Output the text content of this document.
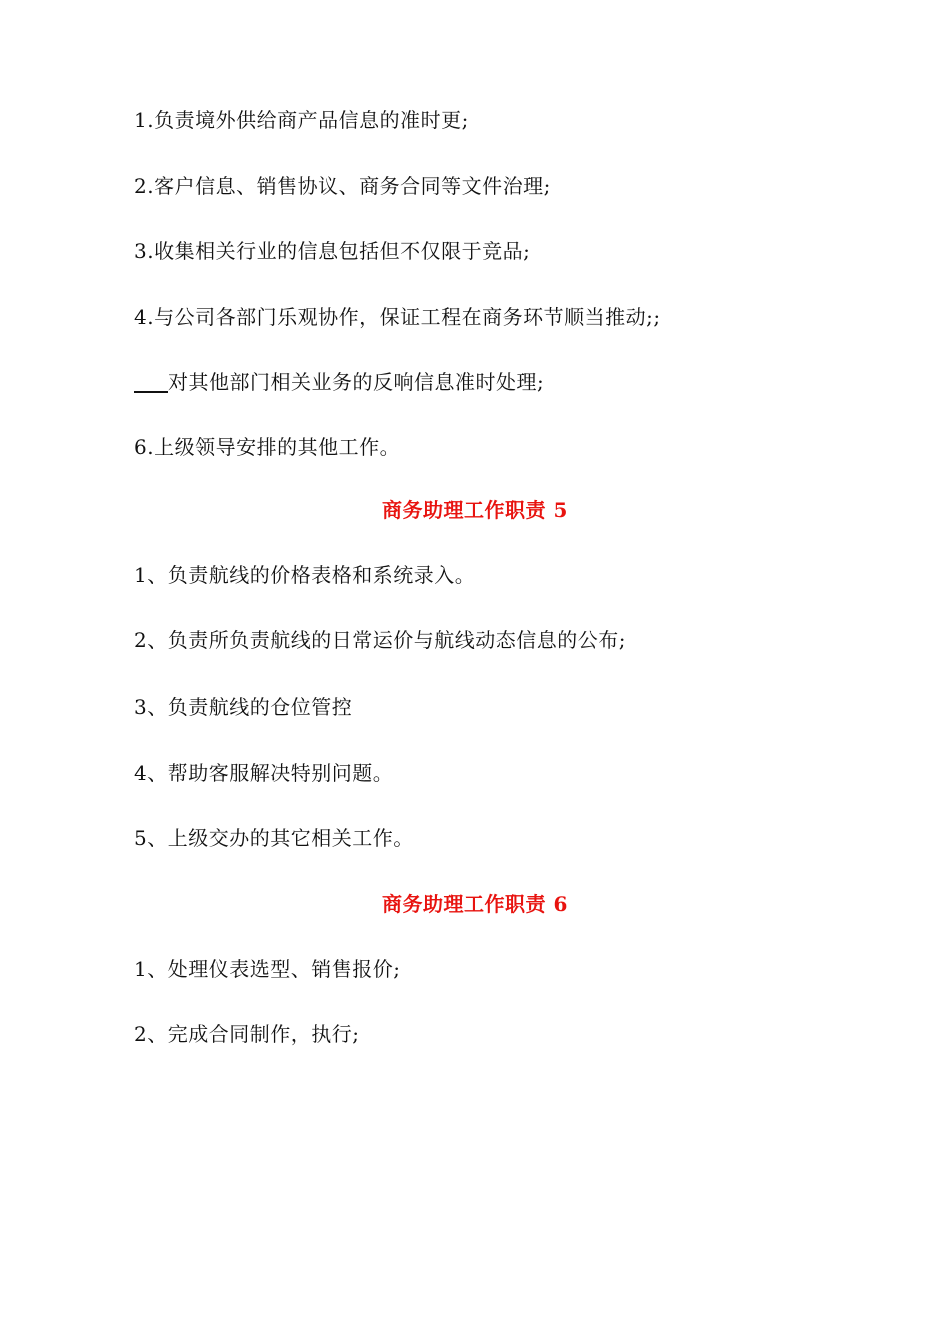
1.负责境外供给商产品信息的准时更;
2.客户信息、销售协议、商务合同等文件治理;
3.收集相关行业的信息包括但不仅限于竞品;
4.与公司各部门乐观协作，保证工程在商务环节顺当推动;;
对其他部门相关业务的反响信息准时处理;
6.上级领导安排的其他工作。
商务助理工作职责 5
1、负责航线的价格表格和系统录入。
2、负责所负责航线的日常运价与航线动态信息的公布;
3、负责航线的仓位管控
4、帮助客服解决特别问题。
5、上级交办的其它相关工作。
商务助理工作职责 6
1、处理仪表选型、销售报价;
2、完成合同制作，执行;
